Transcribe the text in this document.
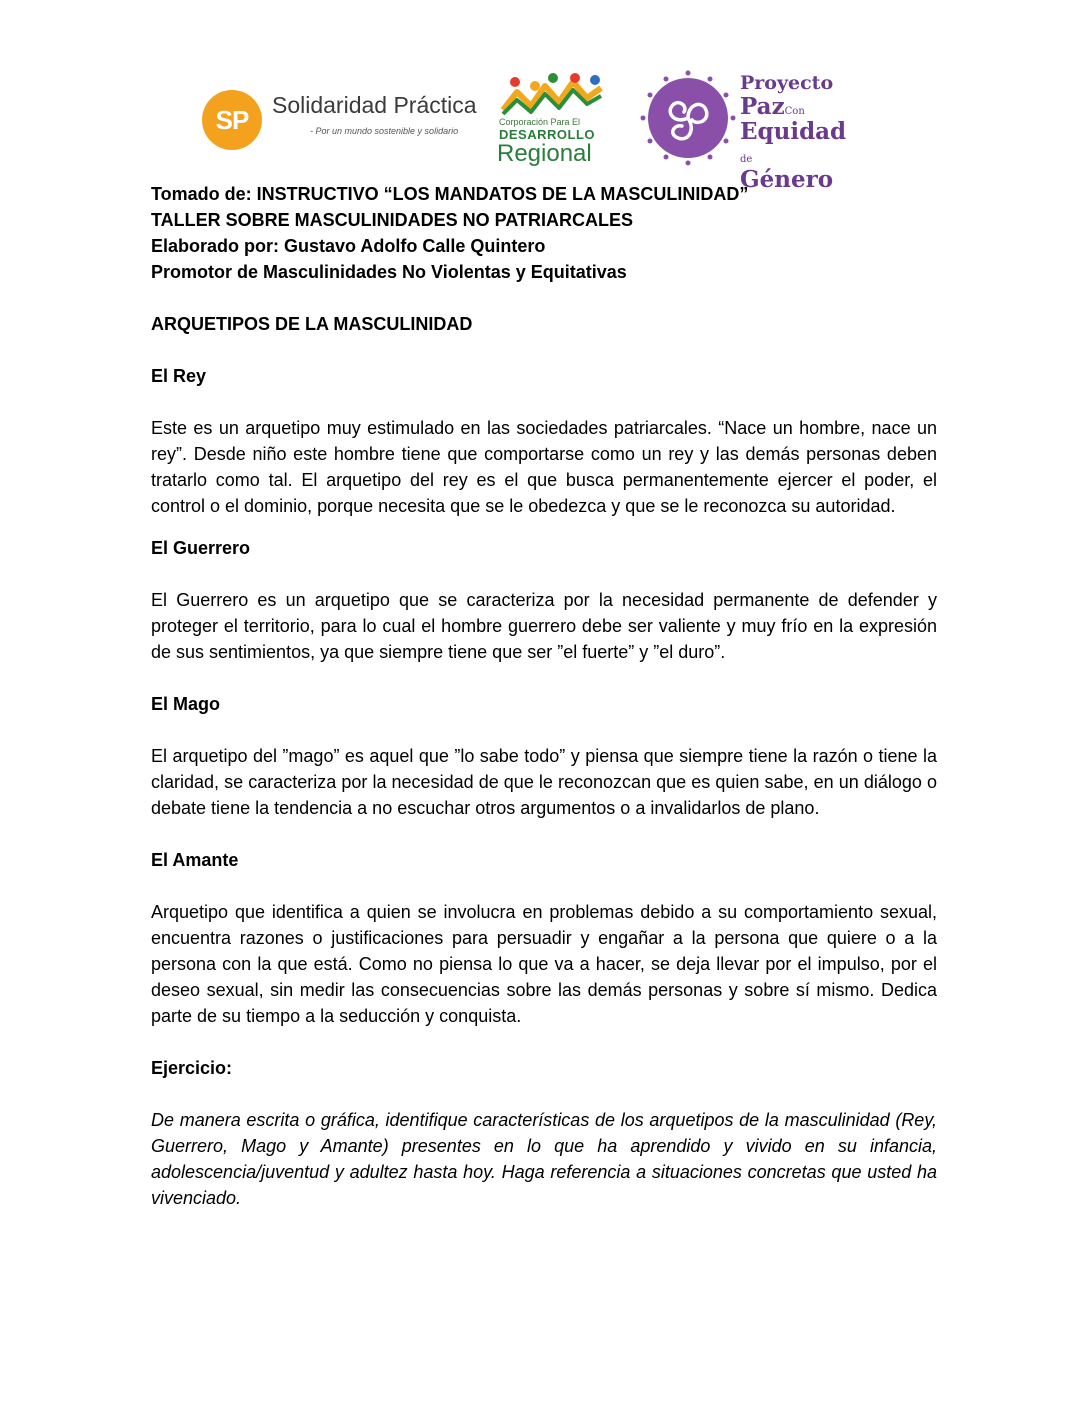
SP	Solidaridad Práctica
- Por un mundo sostenible y solidario
Corporación Para El
DESARROLLO
Regional
Proyecto
PazCon
Equidad de
Género

Tomado de: INSTRUCTIVO “LOS MANDATOS DE LA MASCULINIDAD”

TALLER SOBRE MASCULINIDADES NO PATRIARCALES

Elaborado por: Gustavo Adolfo Calle Quintero

Promotor de Masculinidades No Violentas y Equitativas

ARQUETIPOS DE LA MASCULINIDAD

El Rey

Este es un arquetipo muy estimulado en las sociedades patriarcales. “Nace un hombre, nace un rey”. Desde niño este hombre tiene que comportarse como un rey y las demás personas deben tratarlo como tal. El arquetipo del rey es el que busca permanentemente ejercer el poder, el control o el dominio, porque necesita que se le obedezca y que se le reconozca su autoridad.

El Guerrero

El Guerrero es un arquetipo que se caracteriza por la necesidad permanente de defender y proteger el territorio, para lo cual el hombre guerrero debe ser valiente y muy frío en la expresión de sus sentimientos, ya que siempre tiene que ser ”el fuerte” y ”el duro”.

El Mago

El arquetipo del ”mago” es aquel que ”lo sabe todo” y piensa que siempre tiene la razón o tiene la claridad, se caracteriza por la necesidad de que le reconozcan que es quien sabe, en un diálogo o debate tiene la tendencia a no escuchar otros argumentos o a invalidarlos de plano.

El Amante

Arquetipo que identifica a quien se involucra en problemas debido a su comportamiento sexual, encuentra razones o justificaciones para persuadir y engañar a la persona que quiere o a la persona con la que está. Como no piensa lo que va a hacer, se deja llevar por el impulso, por el deseo sexual, sin medir las consecuencias sobre las demás personas y sobre sí mismo. Dedica parte de su tiempo a la seducción y conquista.

Ejercicio:

De manera escrita o gráfica, identifique características de los arquetipos de la masculinidad (Rey, Guerrero, Mago y Amante) presentes en lo que ha aprendido y vivido en su infancia, adolescencia/juventud y adultez hasta hoy. Haga referencia a situaciones concretas que usted ha vivenciado.
